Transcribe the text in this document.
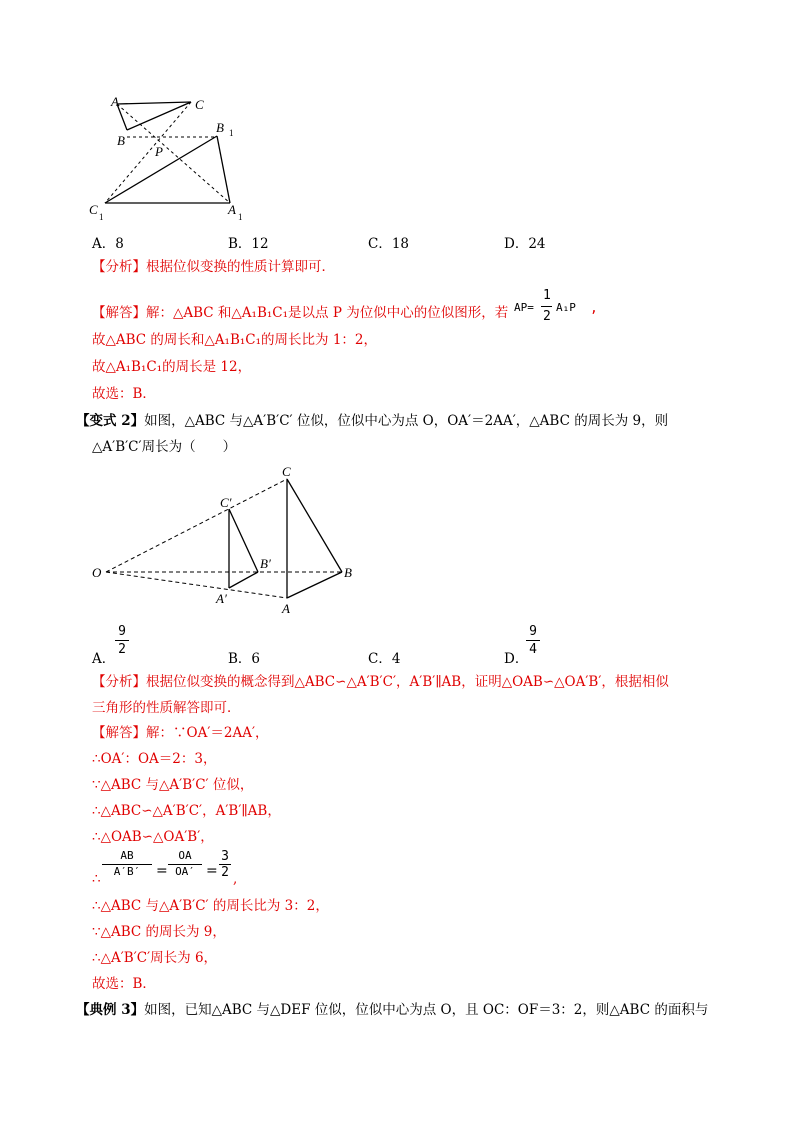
A	C
B
B 1
P
C 1	A 1
A．8	B．12	C．18	D．24
【分析】根据位似变换的性质计算即可．
【解答】解：△ABC 和△A₁B₁C₁是以点 P 为位似中心的位似图形，若 AP=
1
2
A₁P ,
故△ABC 的周长和△A₁B₁C₁的周长比为 1：2，
故△A₁B₁C₁的周长是 12，
故选：B．
【变式 2】如图，△ABC 与△A′B′C′ 位似，位似中心为点 O，OA′＝2AA′，△ABC 的周长为 9，则
△A′B′C′周长为（　　）
C
C′
B′
O	B
A′
A
A．
9
2
B．6	C．4	D．
9
4
【分析】根据位似变换的概念得到△ABC∽△A′B′C′，A′B′∥AB，证明△OAB∽△OA′B′，根据相似
三角形的性质解答即可．
【解答】解：∵OA′＝2AA′，
∴OA′：OA＝2：3，
∵△ABC 与△A′B′C′ 位似，
∴△ABC∽△A′B′C′，A′B′∥AB，
∴△OAB∽△OA′B′，
∴
AB
A′B′	=
OA
OA′ =
3
2 ,
∴△ABC 与△A′B′C′ 的周长比为 3：2，
∵△ABC 的周长为 9，
∴△A′B′C′周长为 6，
故选：B．
【典例 3】如图，已知△ABC 与△DEF 位似，位似中心为点 O，且 OC：OF＝3：2，则△ABC 的面积与
